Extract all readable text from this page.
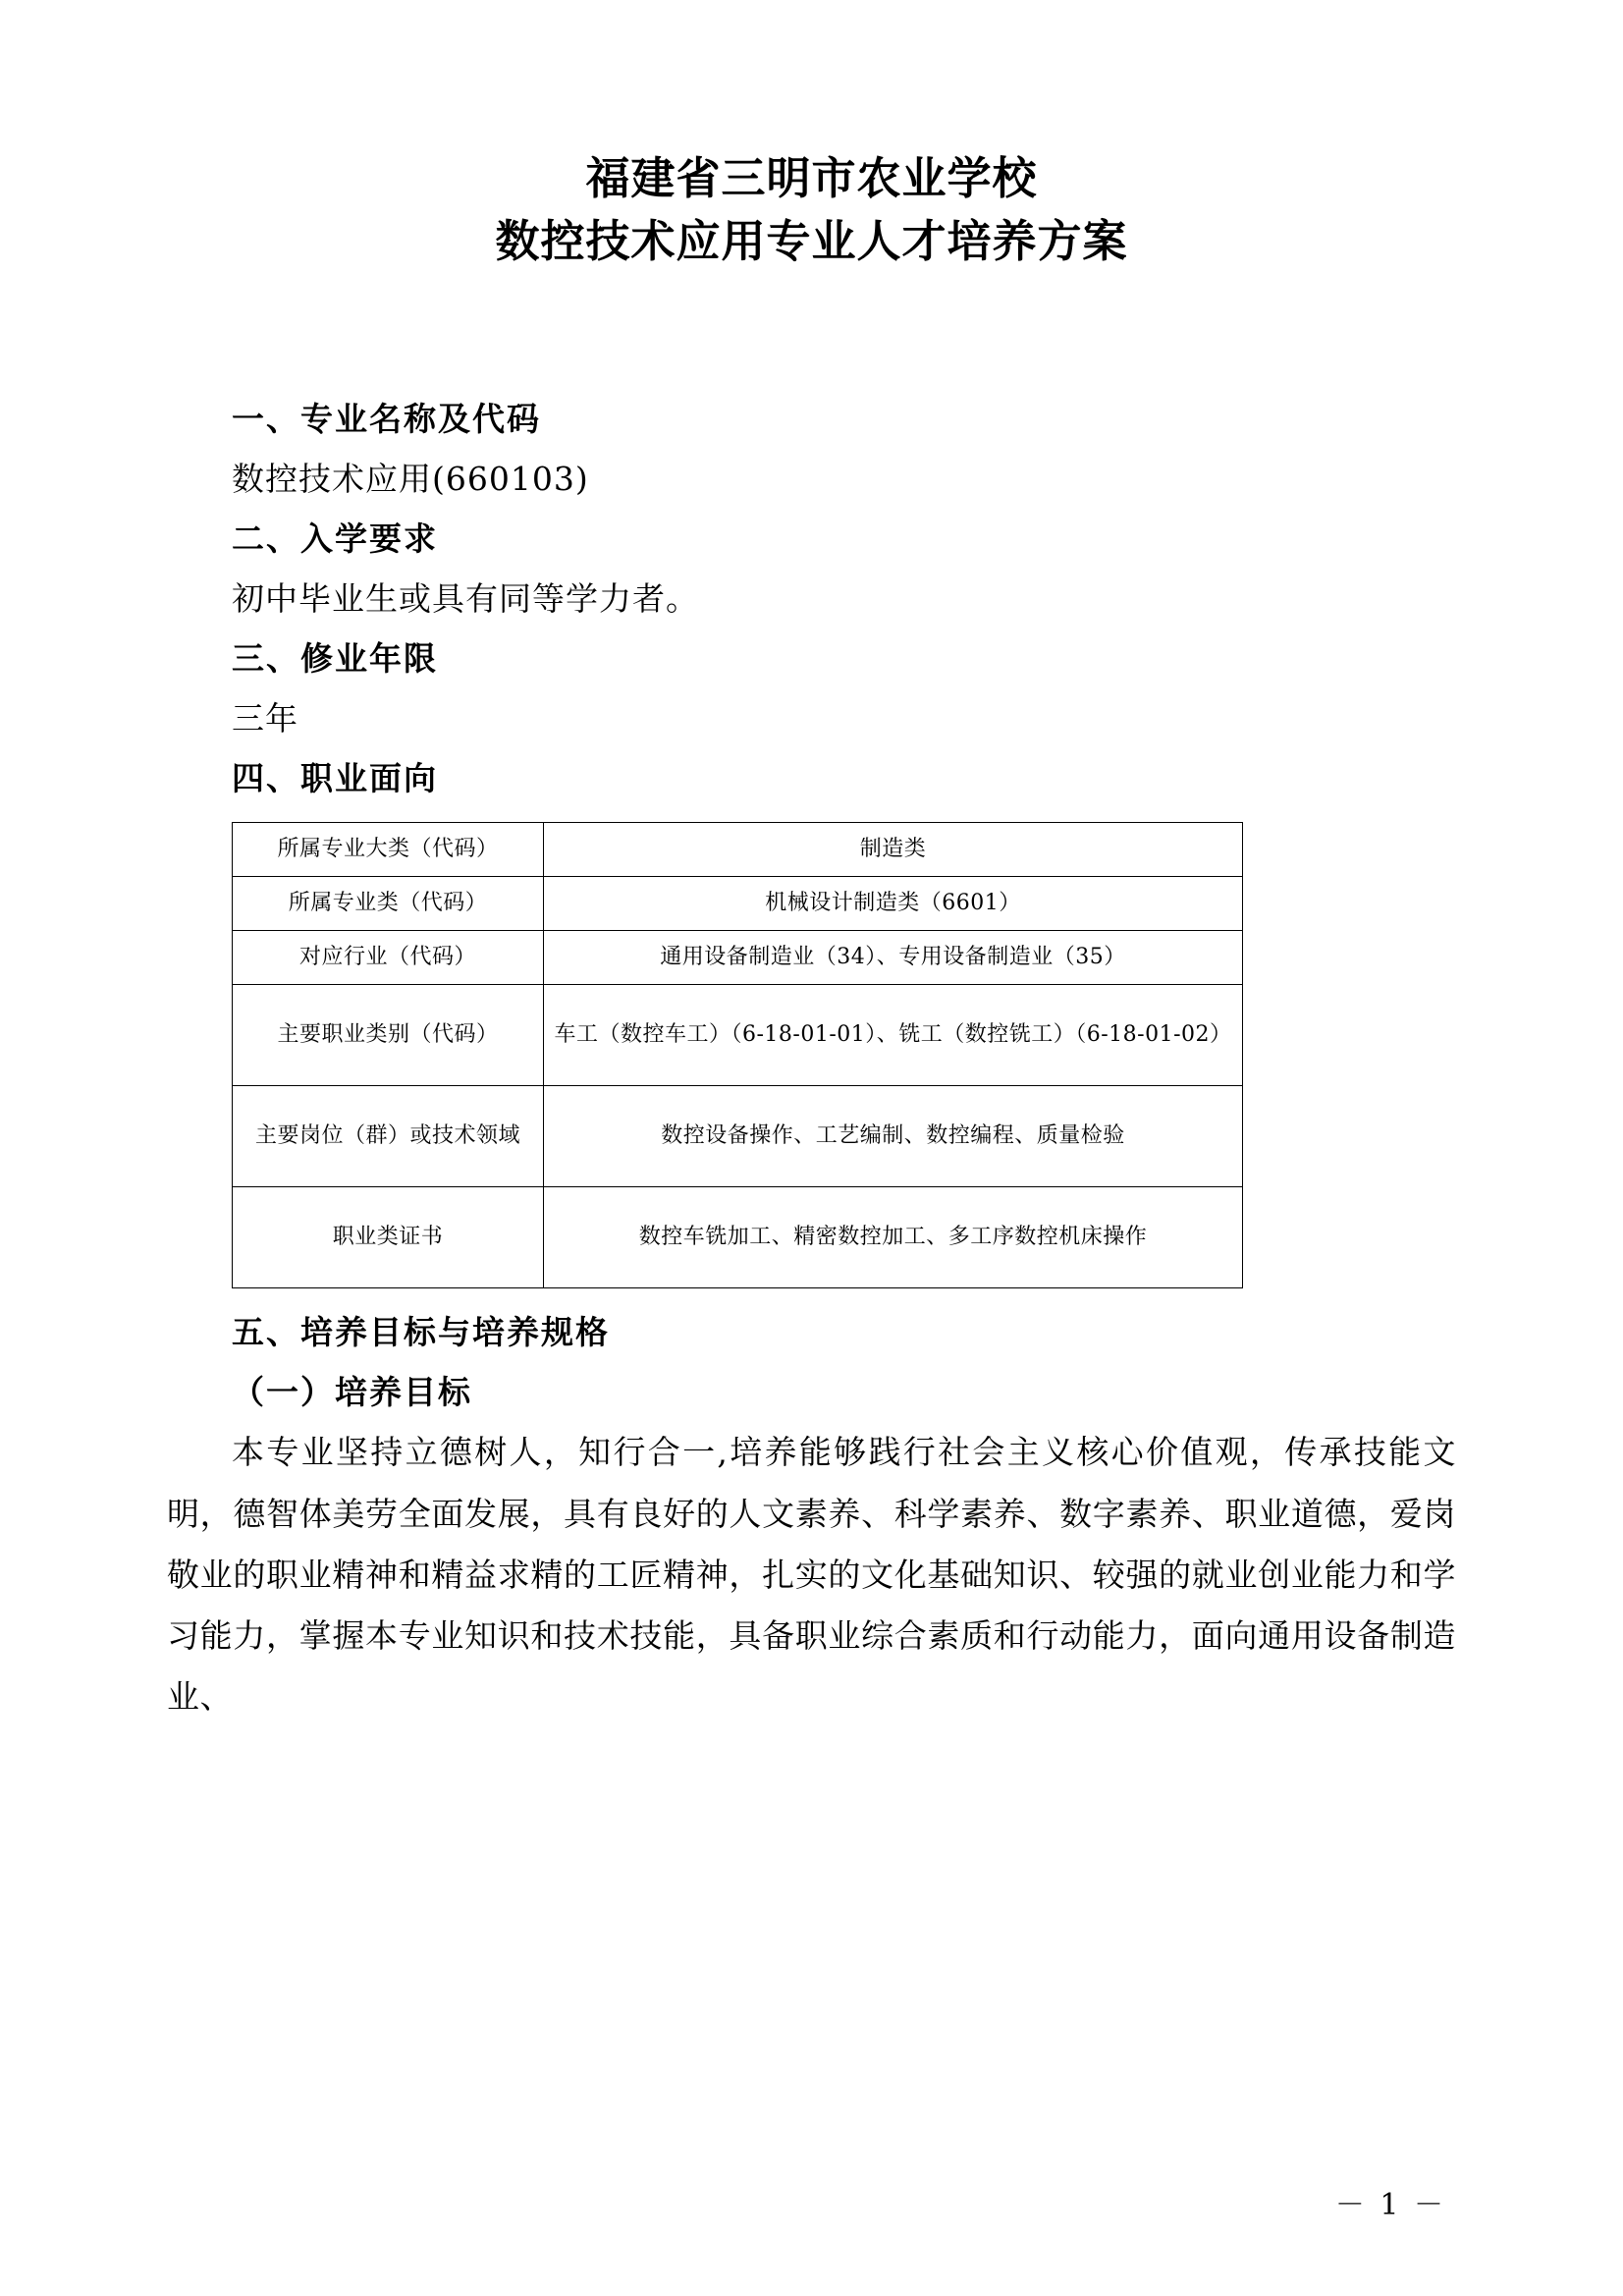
福建省三明市农业学校
数控技术应用专业人才培养方案

一、专业名称及代码

数控技术应用(660103)

二、入学要求

初中毕业生或具有同等学力者。

三、修业年限

三年

四、职业面向

所属专业大类（代码）	制造类
所属专业类（代码）	机械设计制造类（6601）
对应行业（代码）	通用设备制造业（34）、专用设备制造业（35）
主要职业类别（代码）	车工（数控车工）（6-18-01-01）、铣工（数控铣工）（6-18-01-02）
主要岗位（群）或技术领域	数控设备操作、工艺编制、数控编程、质量检验
职业类证书	数控车铣加工、精密数控加工、多工序数控机床操作

五、培养目标与培养规格

（一）培养目标

本专业坚持立德树人，知行合一,培养能够践行社会主义核心价值观，传承技能文明，德智体美劳全面发展，具有良好的人文素养、科学素养、数字素养、职业道德，爱岗敬业的职业精神和精益求精的工匠精神，扎实的文化基础知识、较强的就业创业能力和学习能力，掌握本专业知识和技术技能，具备职业综合素质和行动能力，面向通用设备制造业、

－ 1 －
